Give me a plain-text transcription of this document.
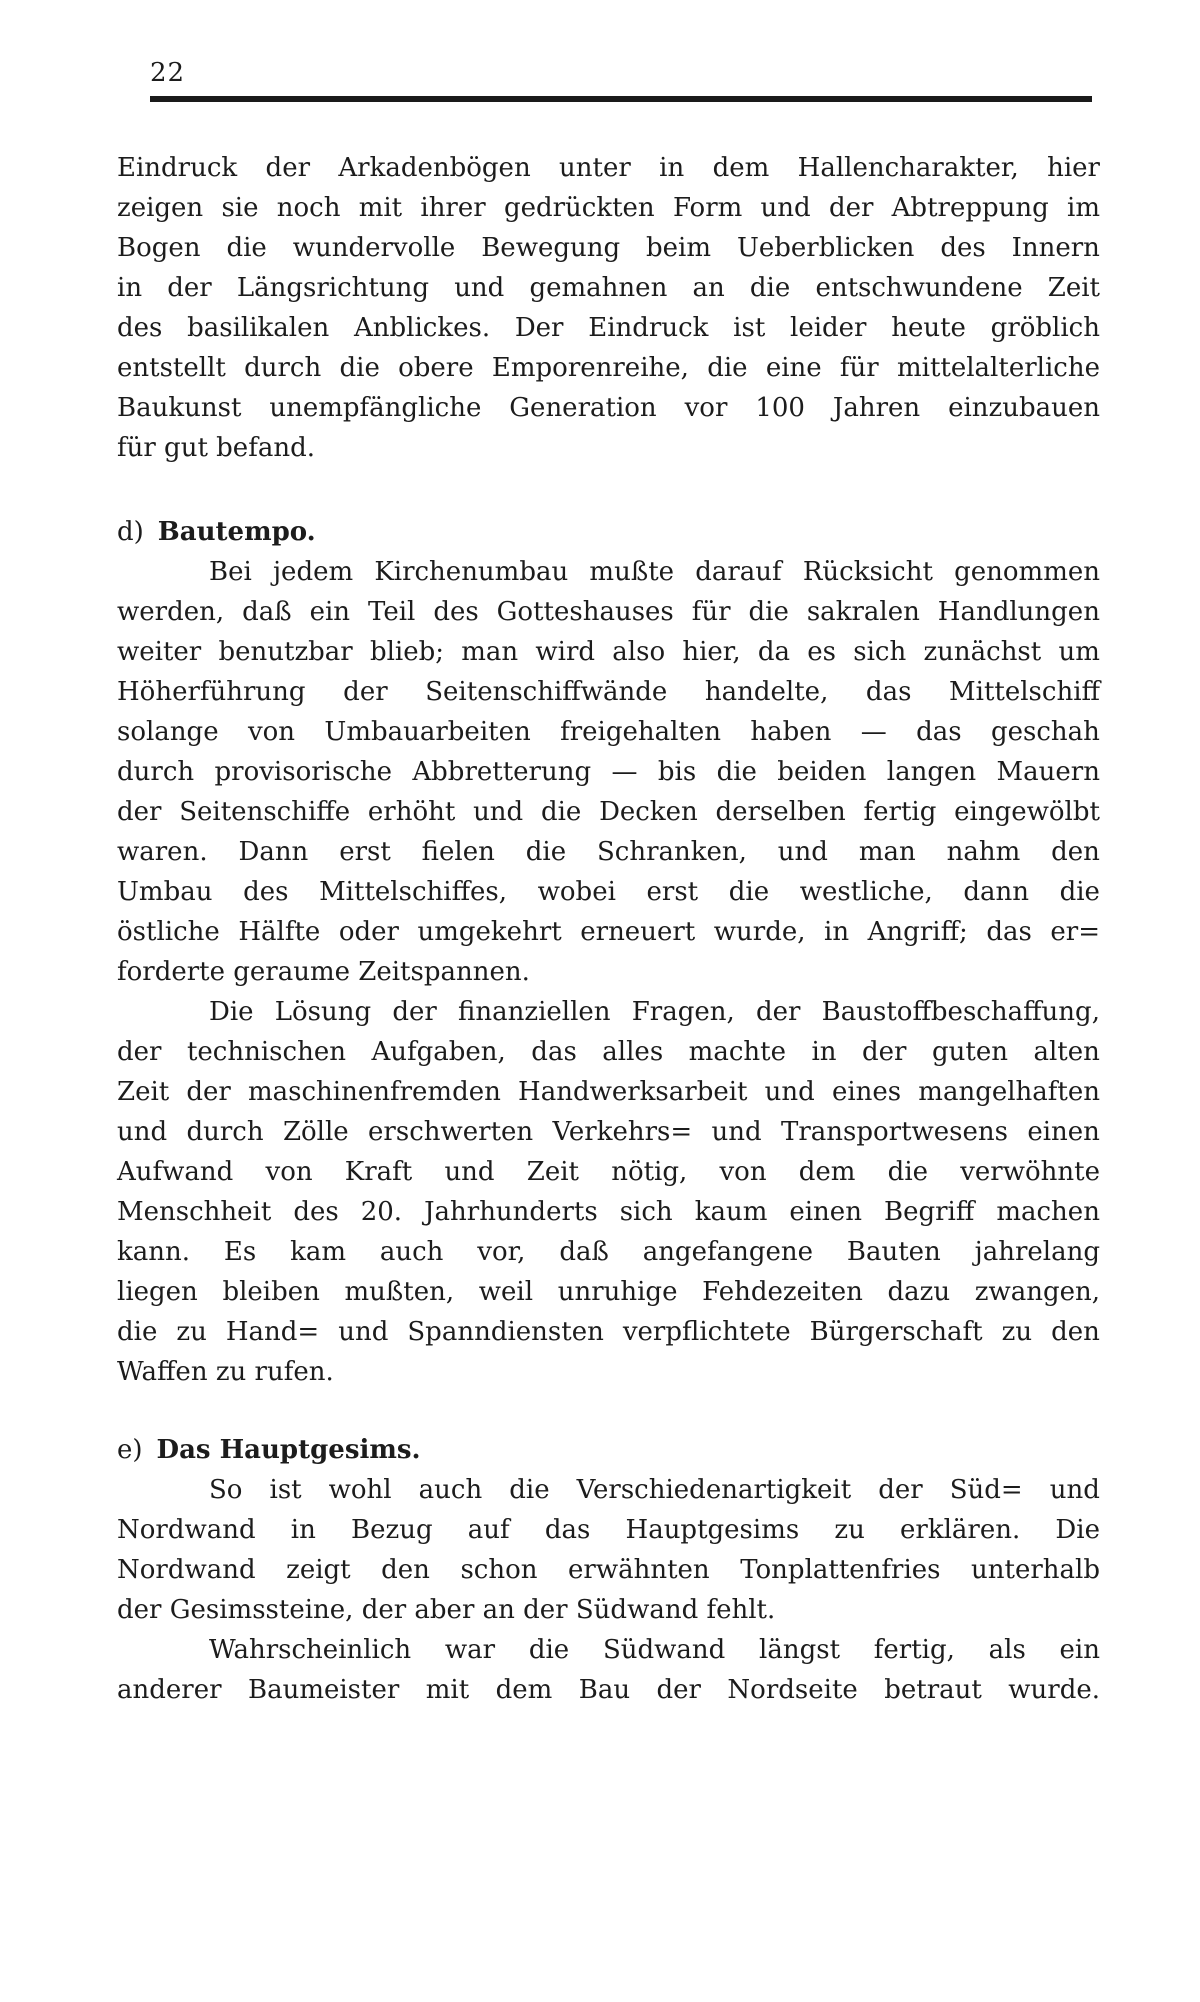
22
Eindruck der Arkadenbögen unter in dem Hallencharakter, hier
zeigen sie noch mit ihrer gedrückten Form und der Abtreppung im
Bogen die wundervolle Bewegung beim Ueberblicken des Innern
in der Längsrichtung und gemahnen an die entschwundene Zeit
des basilikalen Anblickes. Der Eindruck ist leider heute gröblich
entstellt durch die obere Emporenreihe, die eine für mittelalterliche
Baukunst unempfängliche Generation vor 100 Jahren einzubauen
für gut befand.
d) Bautempo.
Bei jedem Kirchenumbau mußte darauf Rücksicht genommen
werden, daß ein Teil des Gotteshauses für die sakralen Handlungen
weiter benutzbar blieb; man wird also hier, da es sich zunächst um
Höherführung der Seitenschiffwände handelte, das Mittelschiff
solange von Umbauarbeiten freigehalten haben — das geschah
durch provisorische Abbretterung — bis die beiden langen Mauern
der Seitenschiffe erhöht und die Decken derselben fertig eingewölbt
waren. Dann erst fielen die Schranken, und man nahm den
Umbau des Mittelschiffes, wobei erst die westliche, dann die
östliche Hälfte oder umgekehrt erneuert wurde, in Angriff; das er=
forderte geraume Zeitspannen.
Die Lösung der finanziellen Fragen, der Baustoffbeschaffung,
der technischen Aufgaben, das alles machte in der guten alten
Zeit der maschinenfremden Handwerksarbeit und eines mangelhaften
und durch Zölle erschwerten Verkehrs= und Transportwesens einen
Aufwand von Kraft und Zeit nötig, von dem die verwöhnte
Menschheit des 20. Jahrhunderts sich kaum einen Begriff machen
kann. Es kam auch vor, daß angefangene Bauten jahrelang
liegen bleiben mußten, weil unruhige Fehdezeiten dazu zwangen,
die zu Hand= und Spanndiensten verpflichtete Bürgerschaft zu den
Waffen zu rufen.
e) Das Hauptgesims.
So ist wohl auch die Verschiedenartigkeit der Süd= und
Nordwand in Bezug auf das Hauptgesims zu erklären. Die
Nordwand zeigt den schon erwähnten Tonplattenfries unterhalb
der Gesimssteine, der aber an der Südwand fehlt.
Wahrscheinlich war die Südwand längst fertig, als ein
anderer Baumeister mit dem Bau der Nordseite betraut wurde.
